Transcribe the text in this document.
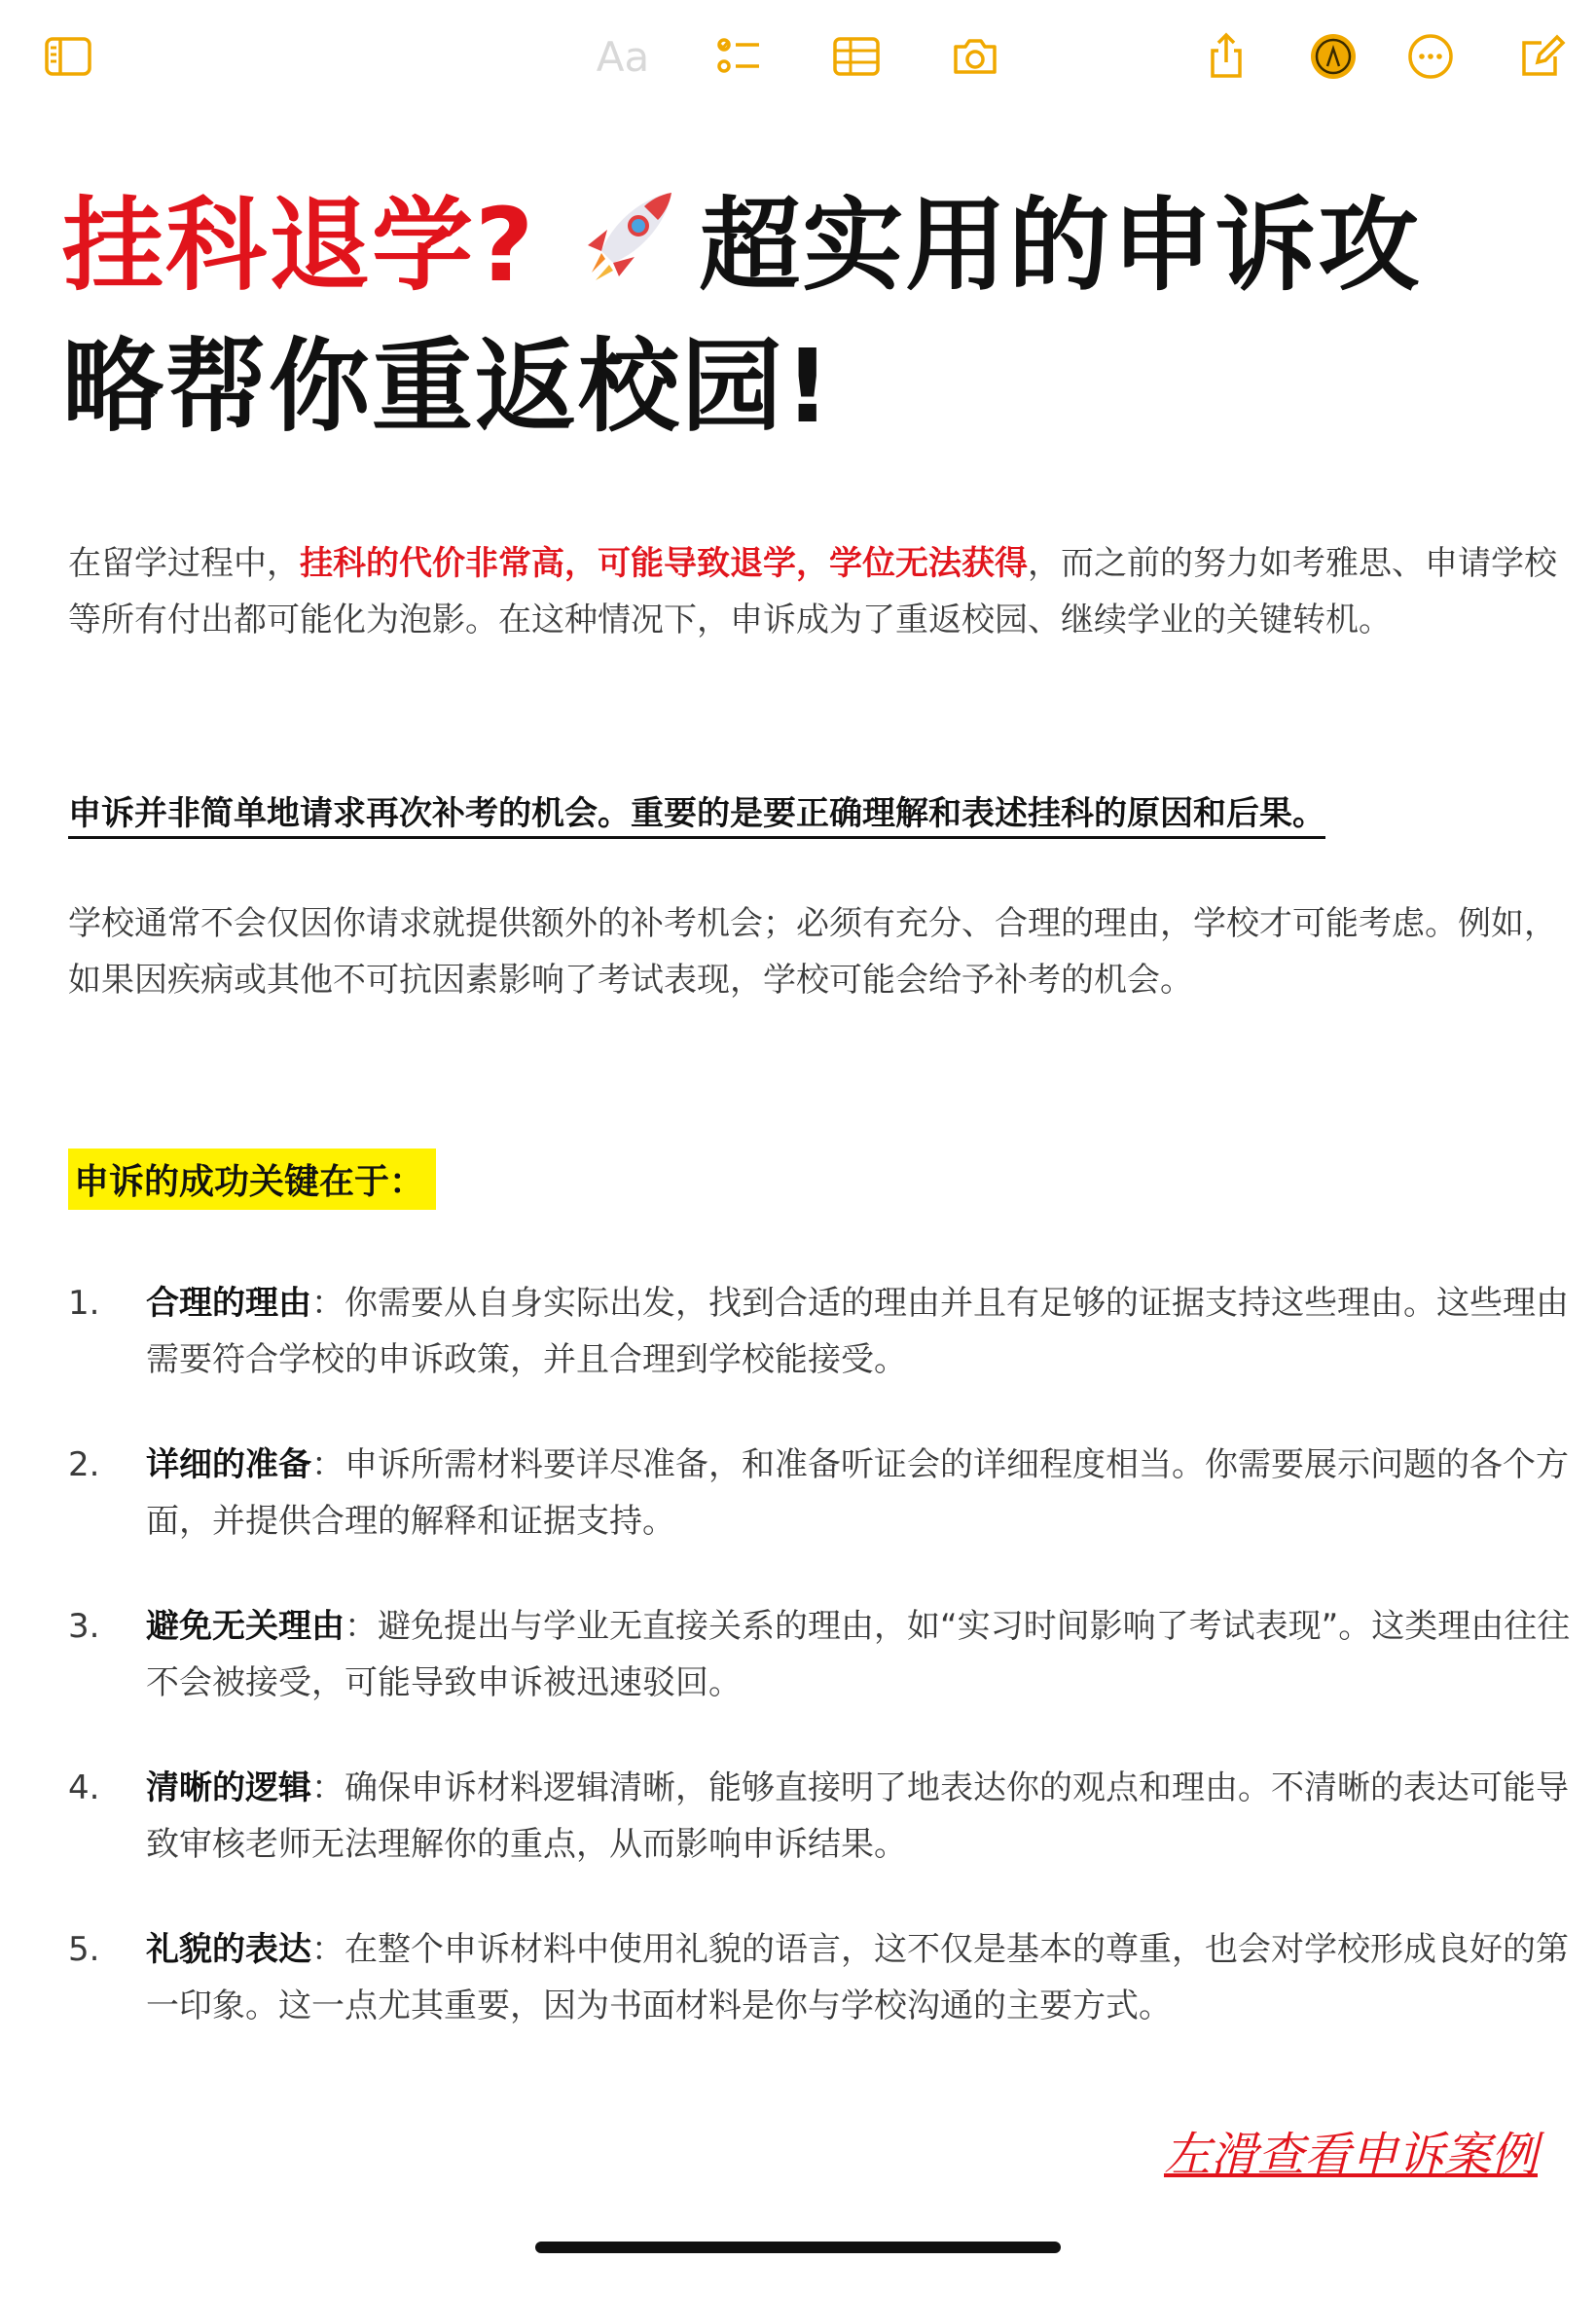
Aa
挂科退学? 超实用的申诉攻
略帮你重返校园!

在留学过程中，挂科的代价非常高，可能导致退学，学位无法获得，而之前的努力如考雅思、申请学校等所有付出都可能化为泡影。在这种情况下，申诉成为了重返校园、继续学业的关键转机。

申诉并非简单地请求再次补考的机会。重要的是要正确理解和表述挂科的原因和后果。
学校通常不会仅因你请求就提供额外的补考机会；必须有充分、合理的理由，学校才可能考虑。例如，如果因疾病或其他不可抗因素影响了考试表现，学校可能会给予补考的机会。
申诉的成功关键在于：
1.	合理的理由：你需要从自身实际出发，找到合适的理由并且有足够的证据支持这些理由。这些理由需要符合学校的申诉政策，并且合理到学校能接受。
2.	详细的准备：申诉所需材料要详尽准备，和准备听证会的详细程度相当。你需要展示问题的各个方面，并提供合理的解释和证据支持。
3.	避免无关理由：避免提出与学业无直接关系的理由，如“实习时间影响了考试表现”。这类理由往往不会被接受，可能导致申诉被迅速驳回。
4.	清晰的逻辑：确保申诉材料逻辑清晰，能够直接明了地表达你的观点和理由。不清晰的表达可能导致审核老师无法理解你的重点，从而影响申诉结果。
5.	礼貌的表达：在整个申诉材料中使用礼貌的语言，这不仅是基本的尊重，也会对学校形成良好的第一印象。这一点尤其重要，因为书面材料是你与学校沟通的主要方式。
左滑查看申诉案例
